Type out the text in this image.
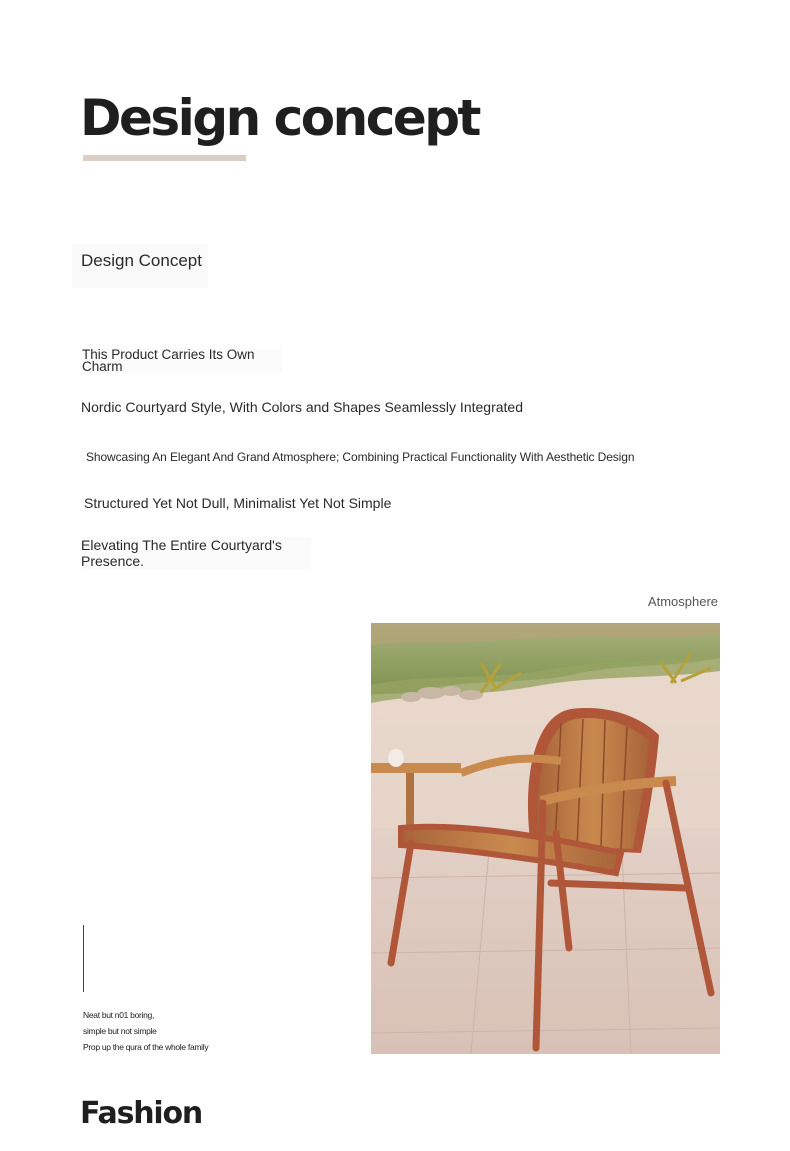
Design concept
Design Concept
This Product Carries Its Own Charm
Nordic Courtyard Style, With Colors and Shapes Seamlessly Integrated
Showcasing An Elegant And Grand Atmosphere; Combining Practical Functionality With Aesthetic Design
Structured Yet Not Dull, Minimalist Yet Not Simple
Elevating The Entire Courtyard's Presence.
Atmosphere
Neat but n01 boring,
simple but not simple
Prop up the qura of the whole family
Fashion
